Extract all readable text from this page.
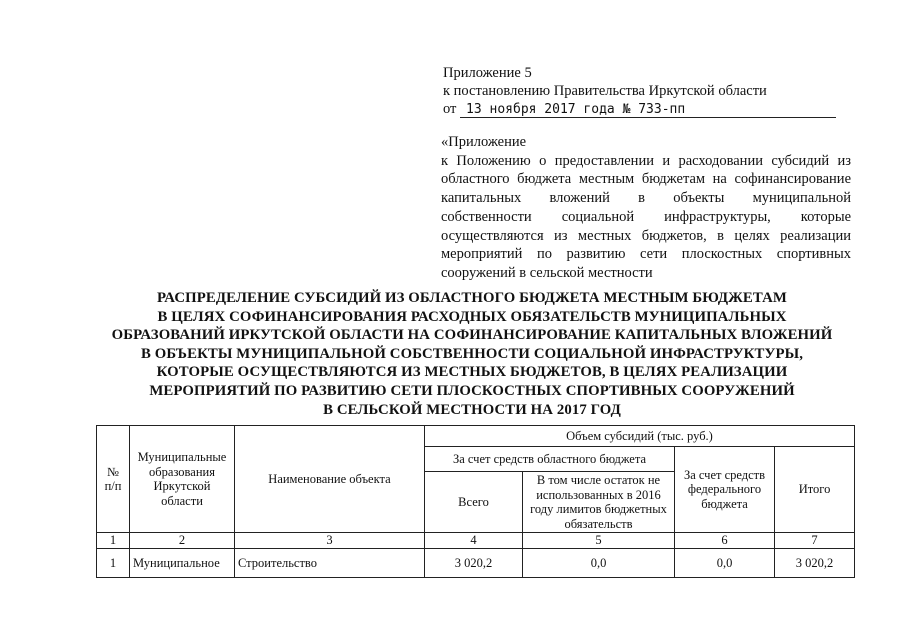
Приложение 5
к постановлению Правительства Иркутской области
от 13 ноября 2017 года № 733-пп
«Приложение
к Положению о предоставлении и расходовании субсидий из
областного бюджета местным бюджетам на софинансирование
капитальных вложений в объекты муниципальной
собственности социальной инфраструктуры, которые
осуществляются из местных бюджетов, в целях реализации
мероприятий по развитию сети плоскостных спортивных
сооружений в сельской местности
РАСПРЕДЕЛЕНИЕ СУБСИДИЙ ИЗ ОБЛАСТНОГО БЮДЖЕТА МЕСТНЫМ БЮДЖЕТАМ
В ЦЕЛЯХ СОФИНАНСИРОВАНИЯ РАСХОДНЫХ ОБЯЗАТЕЛЬСТВ МУНИЦИПАЛЬНЫХ
ОБРАЗОВАНИЙ ИРКУТСКОЙ ОБЛАСТИ НА СОФИНАНСИРОВАНИЕ КАПИТАЛЬНЫХ ВЛОЖЕНИЙ
В ОБЪЕКТЫ МУНИЦИПАЛЬНОЙ СОБСТВЕННОСТИ СОЦИАЛЬНОЙ ИНФРАСТРУКТУРЫ,
КОТОРЫЕ ОСУЩЕСТВЛЯЮТСЯ ИЗ МЕСТНЫХ БЮДЖЕТОВ, В ЦЕЛЯХ РЕАЛИЗАЦИИ
МЕРОПРИЯТИЙ ПО РАЗВИТИЮ СЕТИ ПЛОСКОСТНЫХ СПОРТИВНЫХ СООРУЖЕНИЙ
В СЕЛЬСКОЙ МЕСТНОСТИ НА 2017 ГОД
№
п/п	Муниципальные образования Иркутской области	Наименование объекта	Объем субсидий (тыс. руб.)			
			За счет средств областного бюджета		За счет средств федерального бюджета	Итого
			Всего	В том числе остаток не использованных в 2016 году лимитов бюджетных обязательств		
1	2	3	4	5	6	7
1	Муниципальное	Строительство	3 020,2	0,0	0,0	3 020,2
